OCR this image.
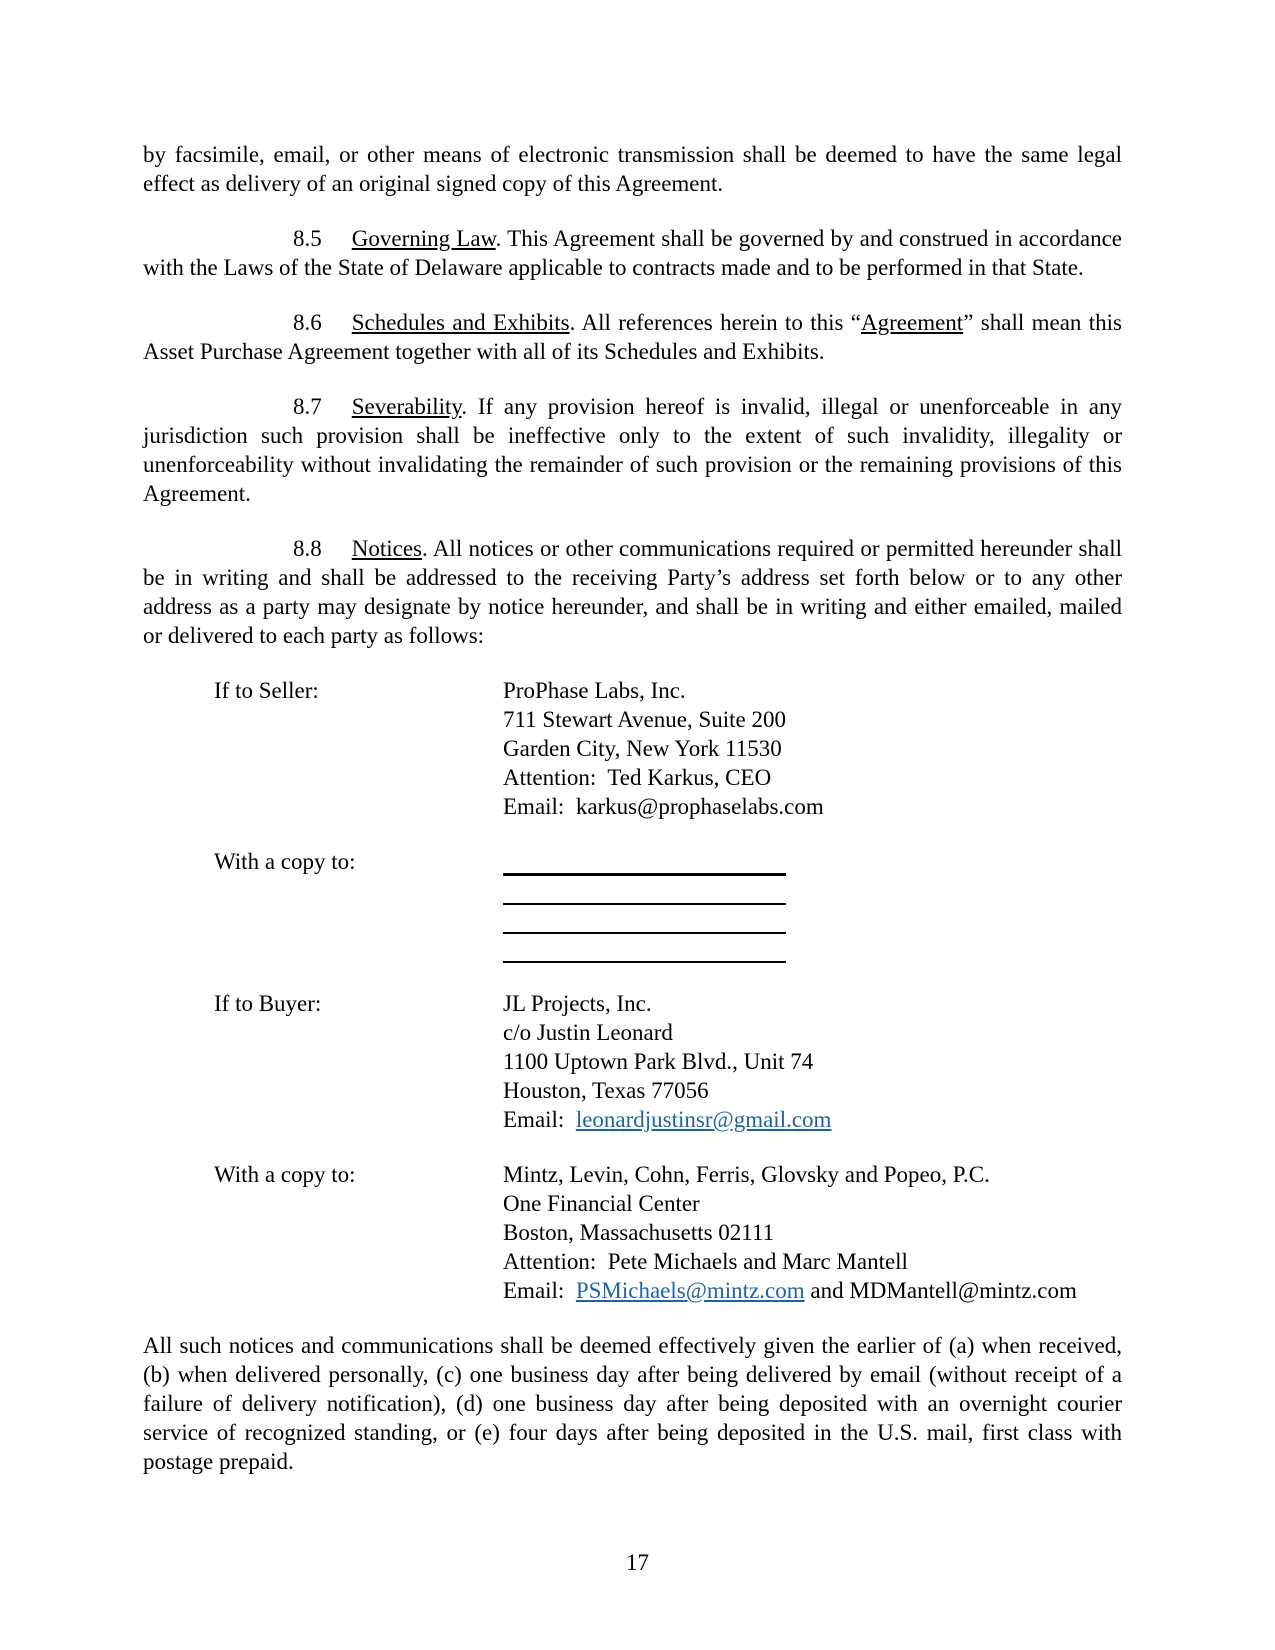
by facsimile, email, or other means of electronic transmission shall be deemed to have the same legal effect as delivery of an original signed copy of this Agreement.

8.5 Governing Law. This Agreement shall be governed by and construed in accordance with the Laws of the State of Delaware applicable to contracts made and to be performed in that State.

8.6 Schedules and Exhibits. All references herein to this “Agreement” shall mean this Asset Purchase Agreement together with all of its Schedules and Exhibits.

8.7 Severability. If any provision hereof is invalid, illegal or unenforceable in any jurisdiction such provision shall be ineffective only to the extent of such invalidity, illegality or unenforceability without invalidating the remainder of such provision or the remaining provisions of this Agreement.

8.8 Notices. All notices or other communications required or permitted hereunder shall be in writing and shall be addressed to the receiving Party’s address set forth below or to any other address as a party may designate by notice hereunder, and shall be in writing and either emailed, mailed or delivered to each party as follows:

If to Seller:	ProPhase Labs, Inc.
711 Stewart Avenue, Suite 200
Garden City, New York 11530
Attention:  Ted Karkus, CEO
Email:  karkus@prophaselabs.com
With a copy to:
If to Buyer:	JL Projects, Inc.
c/o Justin Leonard
1100 Uptown Park Blvd., Unit 74
Houston, Texas 77056
Email:  leonardjustinsr@gmail.com
With a copy to:	Mintz, Levin, Cohn, Ferris, Glovsky and Popeo, P.C.
One Financial Center
Boston, Massachusetts 02111
Attention:  Pete Michaels and Marc Mantell
Email:  PSMichaels@mintz.com and MDMantell@mintz.com

All such notices and communications shall be deemed effectively given the earlier of (a) when received, (b) when delivered personally, (c) one business day after being delivered by email (without receipt of a failure of delivery notification), (d) one business day after being deposited with an overnight courier service of recognized standing, or (e) four days after being deposited in the U.S. mail, first class with postage prepaid.

17
